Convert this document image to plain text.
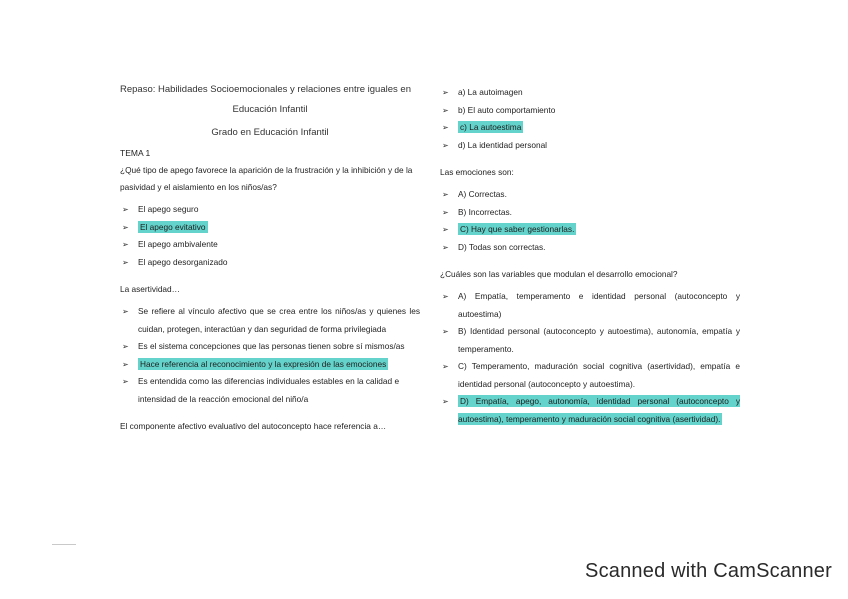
Repaso: Habilidades Socioemocionales y relaciones entre iguales en

Educación Infantil

Grado en Educación Infantil

TEMA 1

¿Qué tipo de apego favorece la aparición de la frustración y la inhibición y de la pasividad y el aislamiento en los niños/as?

➢ El apego seguro
➢ El apego evitativo
➢ El apego ambivalente
➢ El apego desorganizado

La asertividad…

➢ Se refiere al vínculo afectivo que se crea entre los niños/as y quienes les cuidan, protegen, interactúan y dan seguridad de forma privilegiada
➢ Es el sistema concepciones que las personas tienen sobre sí mismos/as
➢ Hace referencia al reconocimiento y la expresión de las emociones
➢ Es entendida como las diferencias individuales estables en la calidad e intensidad de la reacción emocional del niño/a

El componente afectivo evaluativo del autoconcepto hace referencia a…

➢ a) La autoimagen
➢ b) El auto comportamiento
➢ c) La autoestima
➢ d) La identidad personal

Las emociones son:

➢ A) Correctas.
➢ B) Incorrectas.
➢ C) Hay que saber gestionarlas.
➢ D) Todas son correctas.

¿Cuáles son las variables que modulan el desarrollo emocional?

➢ A) Empatía, temperamento e identidad personal (autoconcepto y autoestima)
➢ B) Identidad personal (autoconcepto y autoestima), autonomía, empatía y temperamento.
➢ C) Temperamento, maduración social cognitiva (asertividad), empatía e identidad personal (autoconcepto y autoestima).
➢ D) Empatía, apego, autonomía, identidad personal (autoconcepto y autoestima), temperamento y maduración social cognitiva (asertividad).
Scanned with CamScanner
